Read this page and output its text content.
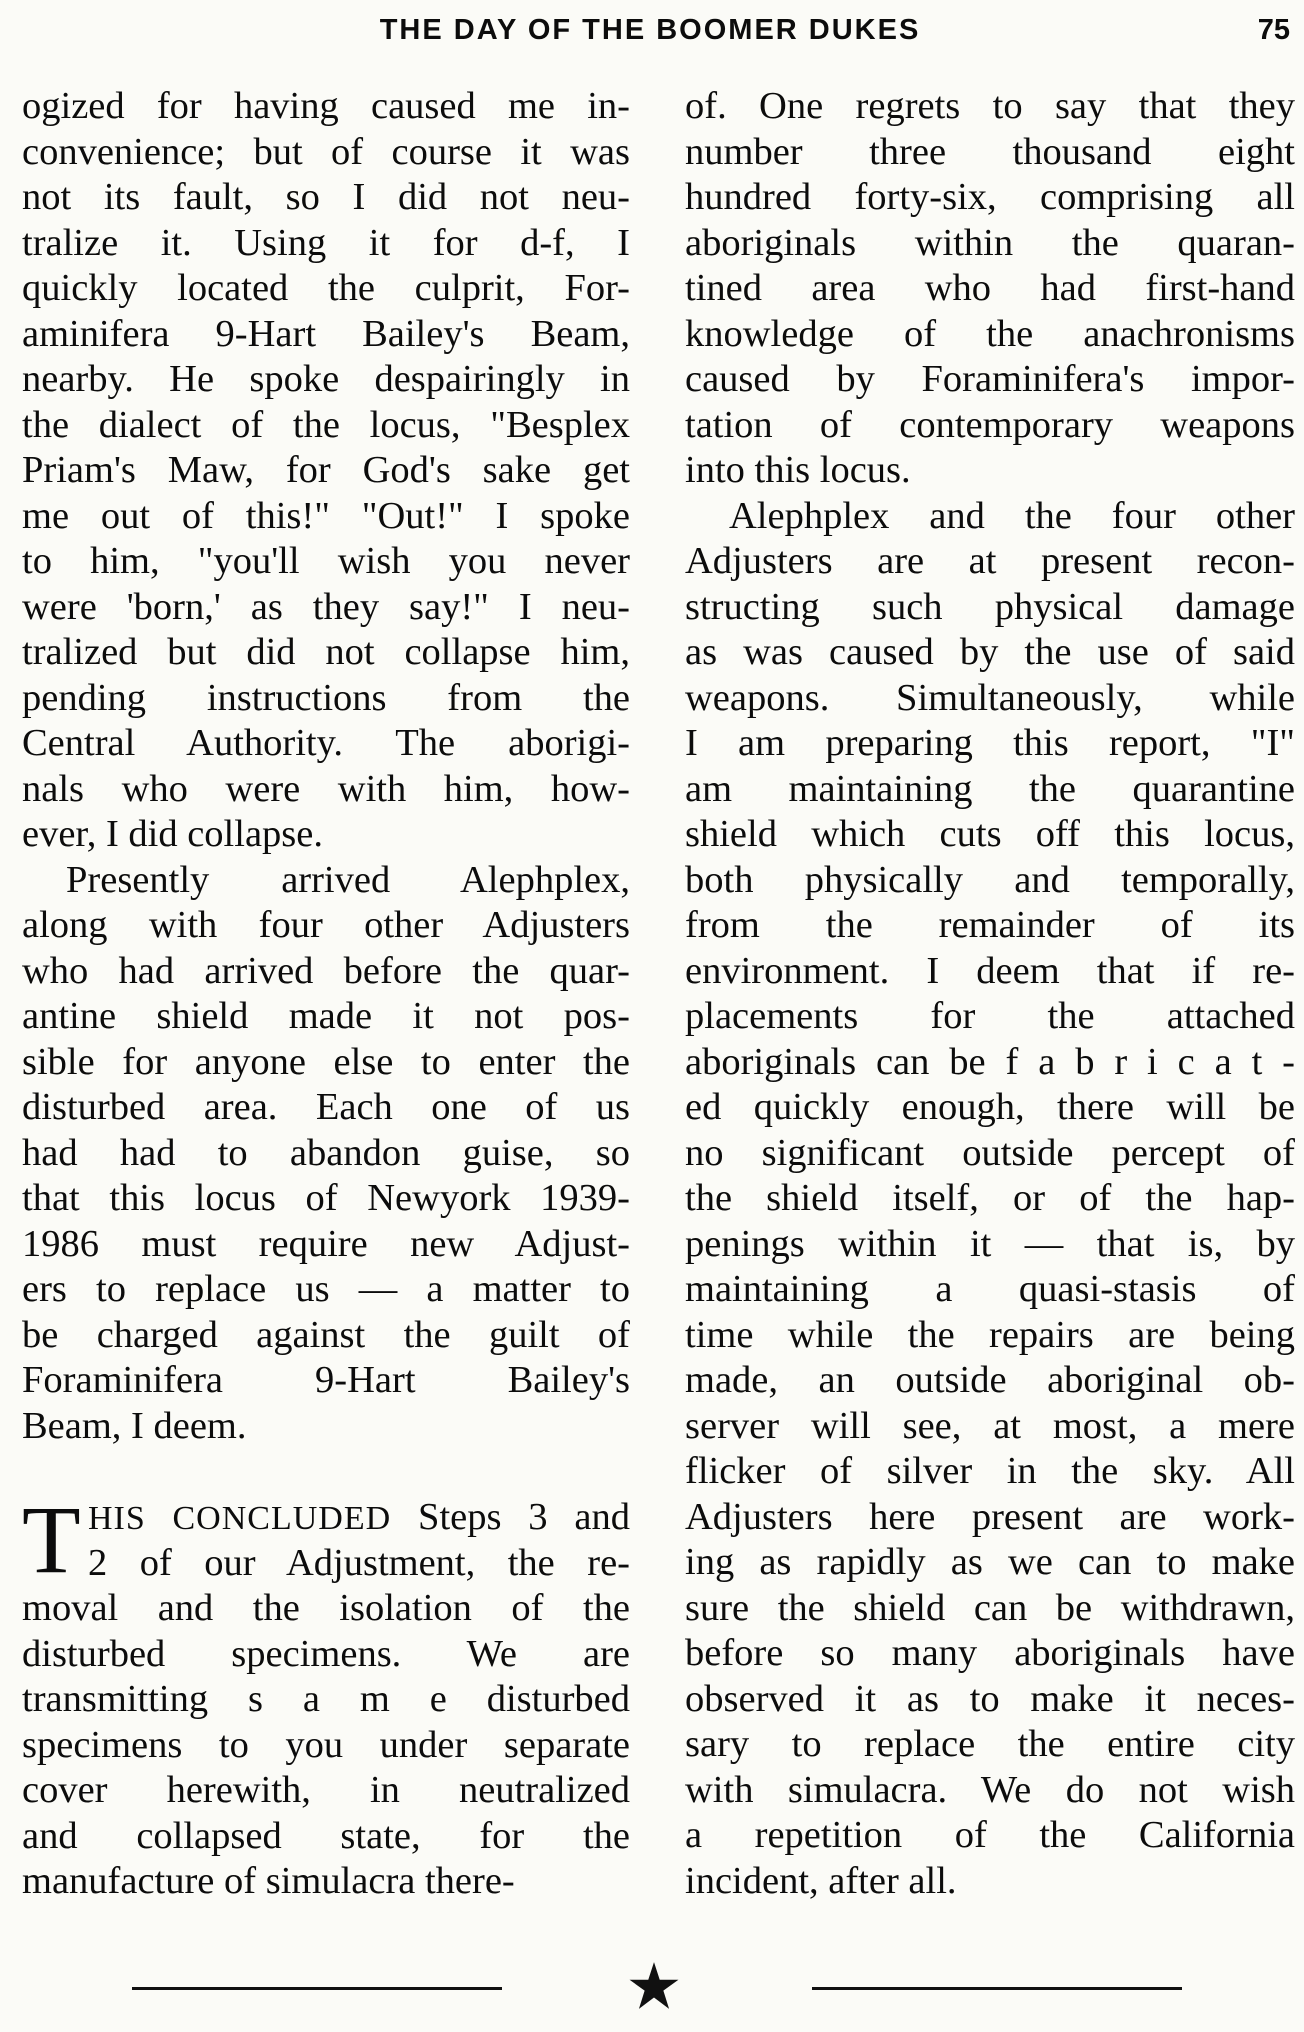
THE DAY OF THE BOOMER DUKES	75
ogized for having caused me in-
convenience; but of course it was
not its fault, so I did not neu-
tralize it. Using it for d-f, I
quickly located the culprit, For-
aminifera 9-Hart Bailey's Beam,
nearby. He spoke despairingly in
the dialect of the locus, "Besplex
Priam's Maw, for God's sake get
me out of this!" "Out!" I spoke
to him, "you'll wish you never
were 'born,' as they say!" I neu-
tralized but did not collapse him,
pending instructions from the
Central Authority. The aborigi-
nals who were with him, how-
ever, I did collapse.
Presently arrived Alephplex,
along with four other Adjusters
who had arrived before the quar-
antine shield made it not pos-
sible for anyone else to enter the
disturbed area. Each one of us
had had to abandon guise, so
that this locus of Newyork 1939-
1986 must require new Adjust-
ers to replace us — a matter to
be charged against the guilt of
Foraminifera 9-Hart Bailey's
Beam, I deem.
T HIS CONCLUDED Steps 3 and
2 of our Adjustment, the re-
moval and the isolation of the
disturbed specimens. We are
transmitting s a m e disturbed
specimens to you under separate
cover herewith, in neutralized
and collapsed state, for the
manufacture of simulacra there-
of. One regrets to say that they
number three thousand eight
hundred forty-six, comprising all
aboriginals within the quaran-
tined area who had first-hand
knowledge of the anachronisms
caused by Foraminifera's impor-
tation of contemporary weapons
into this locus.
Alephplex and the four other
Adjusters are at present recon-
structing such physical damage
as was caused by the use of said
weapons. Simultaneously, while
I am preparing this report, "I"
am maintaining the quarantine
shield which cuts off this locus,
both physically and temporally,
from the remainder of its
environment. I deem that if re-
placements for the attached
aboriginals can be f a b r i c a t -
ed quickly enough, there will be
no significant outside percept of
the shield itself, or of the hap-
penings within it — that is, by
maintaining a quasi-stasis of
time while the repairs are being
made, an outside aboriginal ob-
server will see, at most, a mere
flicker of silver in the sky. All
Adjusters here present are work-
ing as rapidly as we can to make
sure the shield can be withdrawn,
before so many aboriginals have
observed it as to make it neces-
sary to replace the entire city
with simulacra. We do not wish
a repetition of the California
incident, after all.
